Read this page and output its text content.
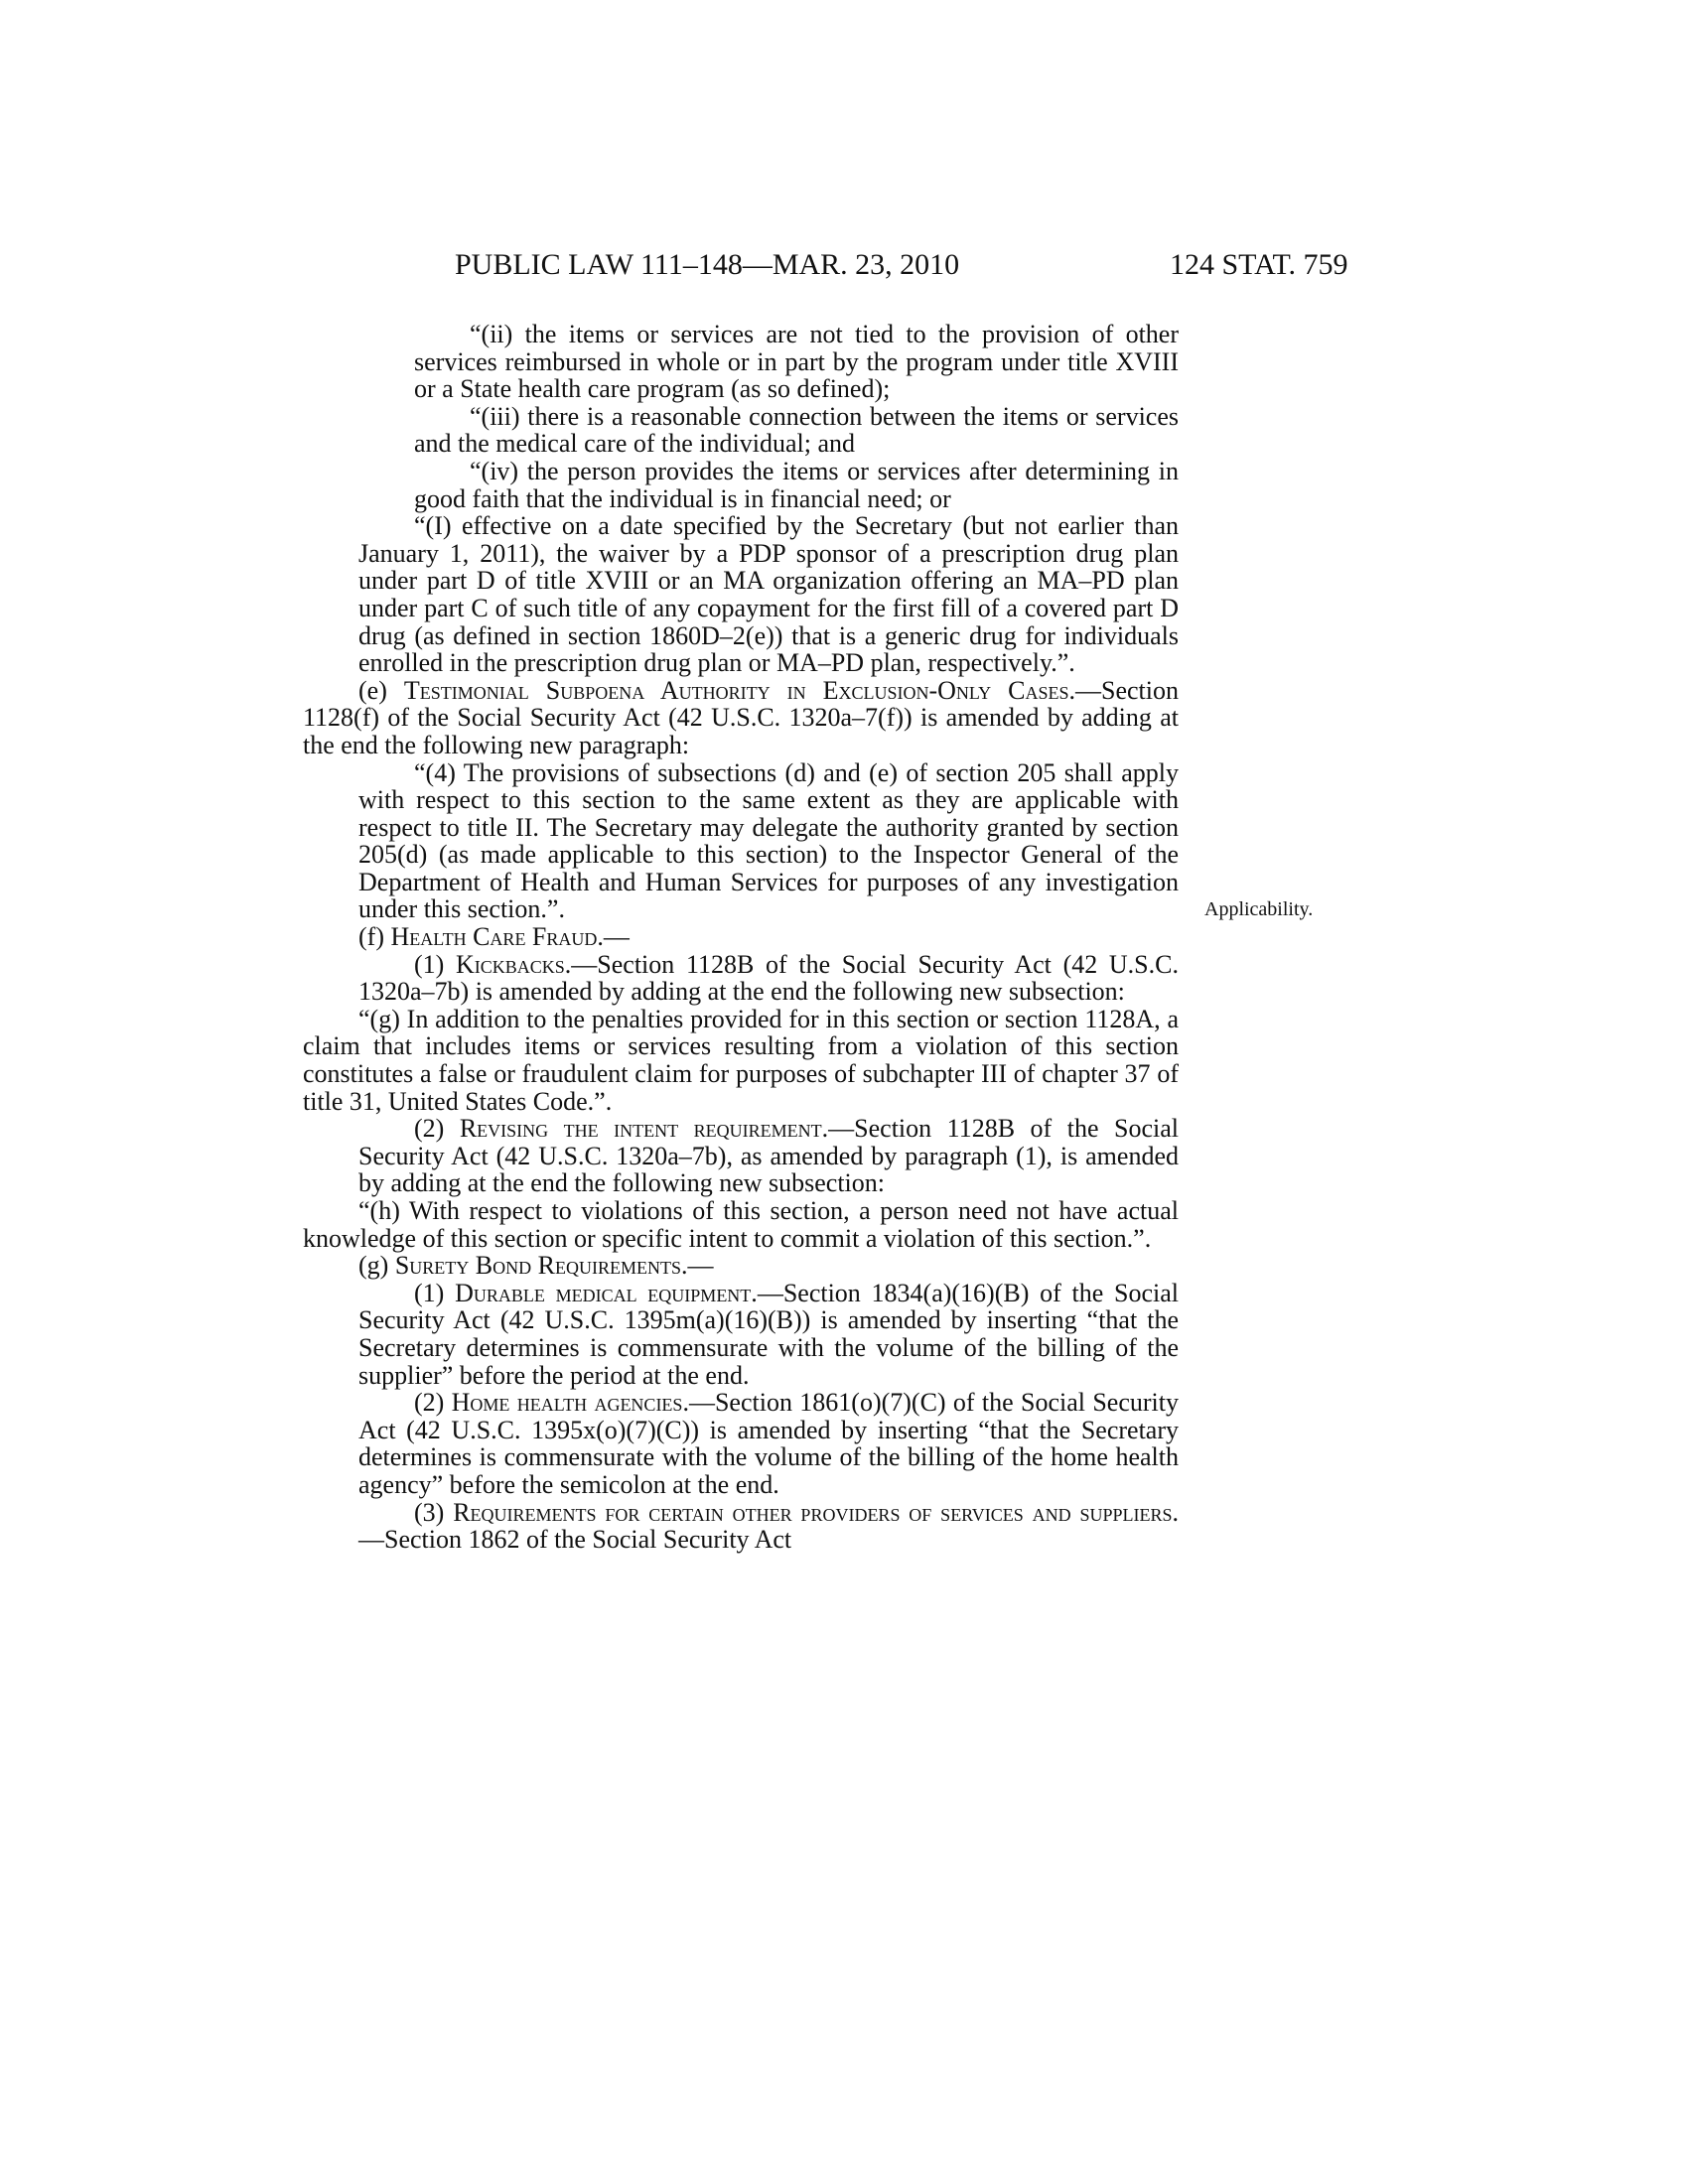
PUBLIC LAW 111–148—MAR. 23, 2010	124 STAT. 759
Applicability.

“(ii) the items or services are not tied to the provision of other services reimbursed in whole or in part by the program under title XVIII or a State health care program (as so defined);

“(iii) there is a reasonable connection between the items or services and the medical care of the individual; and

“(iv) the person provides the items or services after determining in good faith that the individual is in financial need; or

“(I) effective on a date specified by the Secretary (but not earlier than January 1, 2011), the waiver by a PDP sponsor of a prescription drug plan under part D of title XVIII or an MA organization offering an MA–PD plan under part C of such title of any copayment for the first fill of a covered part D drug (as defined in section 1860D–2(e)) that is a generic drug for individuals enrolled in the prescription drug plan or MA–PD plan, respectively.”.

(e) Testimonial Subpoena Authority in Exclusion-Only Cases.—Section 1128(f) of the Social Security Act (42 U.S.C. 1320a–7(f)) is amended by adding at the end the following new paragraph:

“(4) The provisions of subsections (d) and (e) of section 205 shall apply with respect to this section to the same extent as they are applicable with respect to title II. The Secretary may delegate the authority granted by section 205(d) (as made applicable to this section) to the Inspector General of the Department of Health and Human Services for purposes of any investigation under this section.”.

(f) Health Care Fraud.—

(1) Kickbacks.—Section 1128B of the Social Security Act (42 U.S.C. 1320a–7b) is amended by adding at the end the following new subsection:

“(g) In addition to the penalties provided for in this section or section 1128A, a claim that includes items or services resulting from a violation of this section constitutes a false or fraudulent claim for purposes of subchapter III of chapter 37 of title 31, United States Code.”.

(2) Revising the intent requirement.—Section 1128B of the Social Security Act (42 U.S.C. 1320a–7b), as amended by paragraph (1), is amended by adding at the end the following new subsection:

“(h) With respect to violations of this section, a person need not have actual knowledge of this section or specific intent to commit a violation of this section.”.

(g) Surety Bond Requirements.—

(1) Durable medical equipment.—Section 1834(a)(16)(B) of the Social Security Act (42 U.S.C. 1395m(a)(16)(B)) is amended by inserting “that the Secretary determines is commensurate with the volume of the billing of the supplier” before the period at the end.

(2) Home health agencies.—Section 1861(o)(7)(C) of the Social Security Act (42 U.S.C. 1395x(o)(7)(C)) is amended by inserting “that the Secretary determines is commensurate with the volume of the billing of the home health agency” before the semicolon at the end.

(3) Requirements for certain other providers of services and suppliers.—Section 1862 of the Social Security Act
